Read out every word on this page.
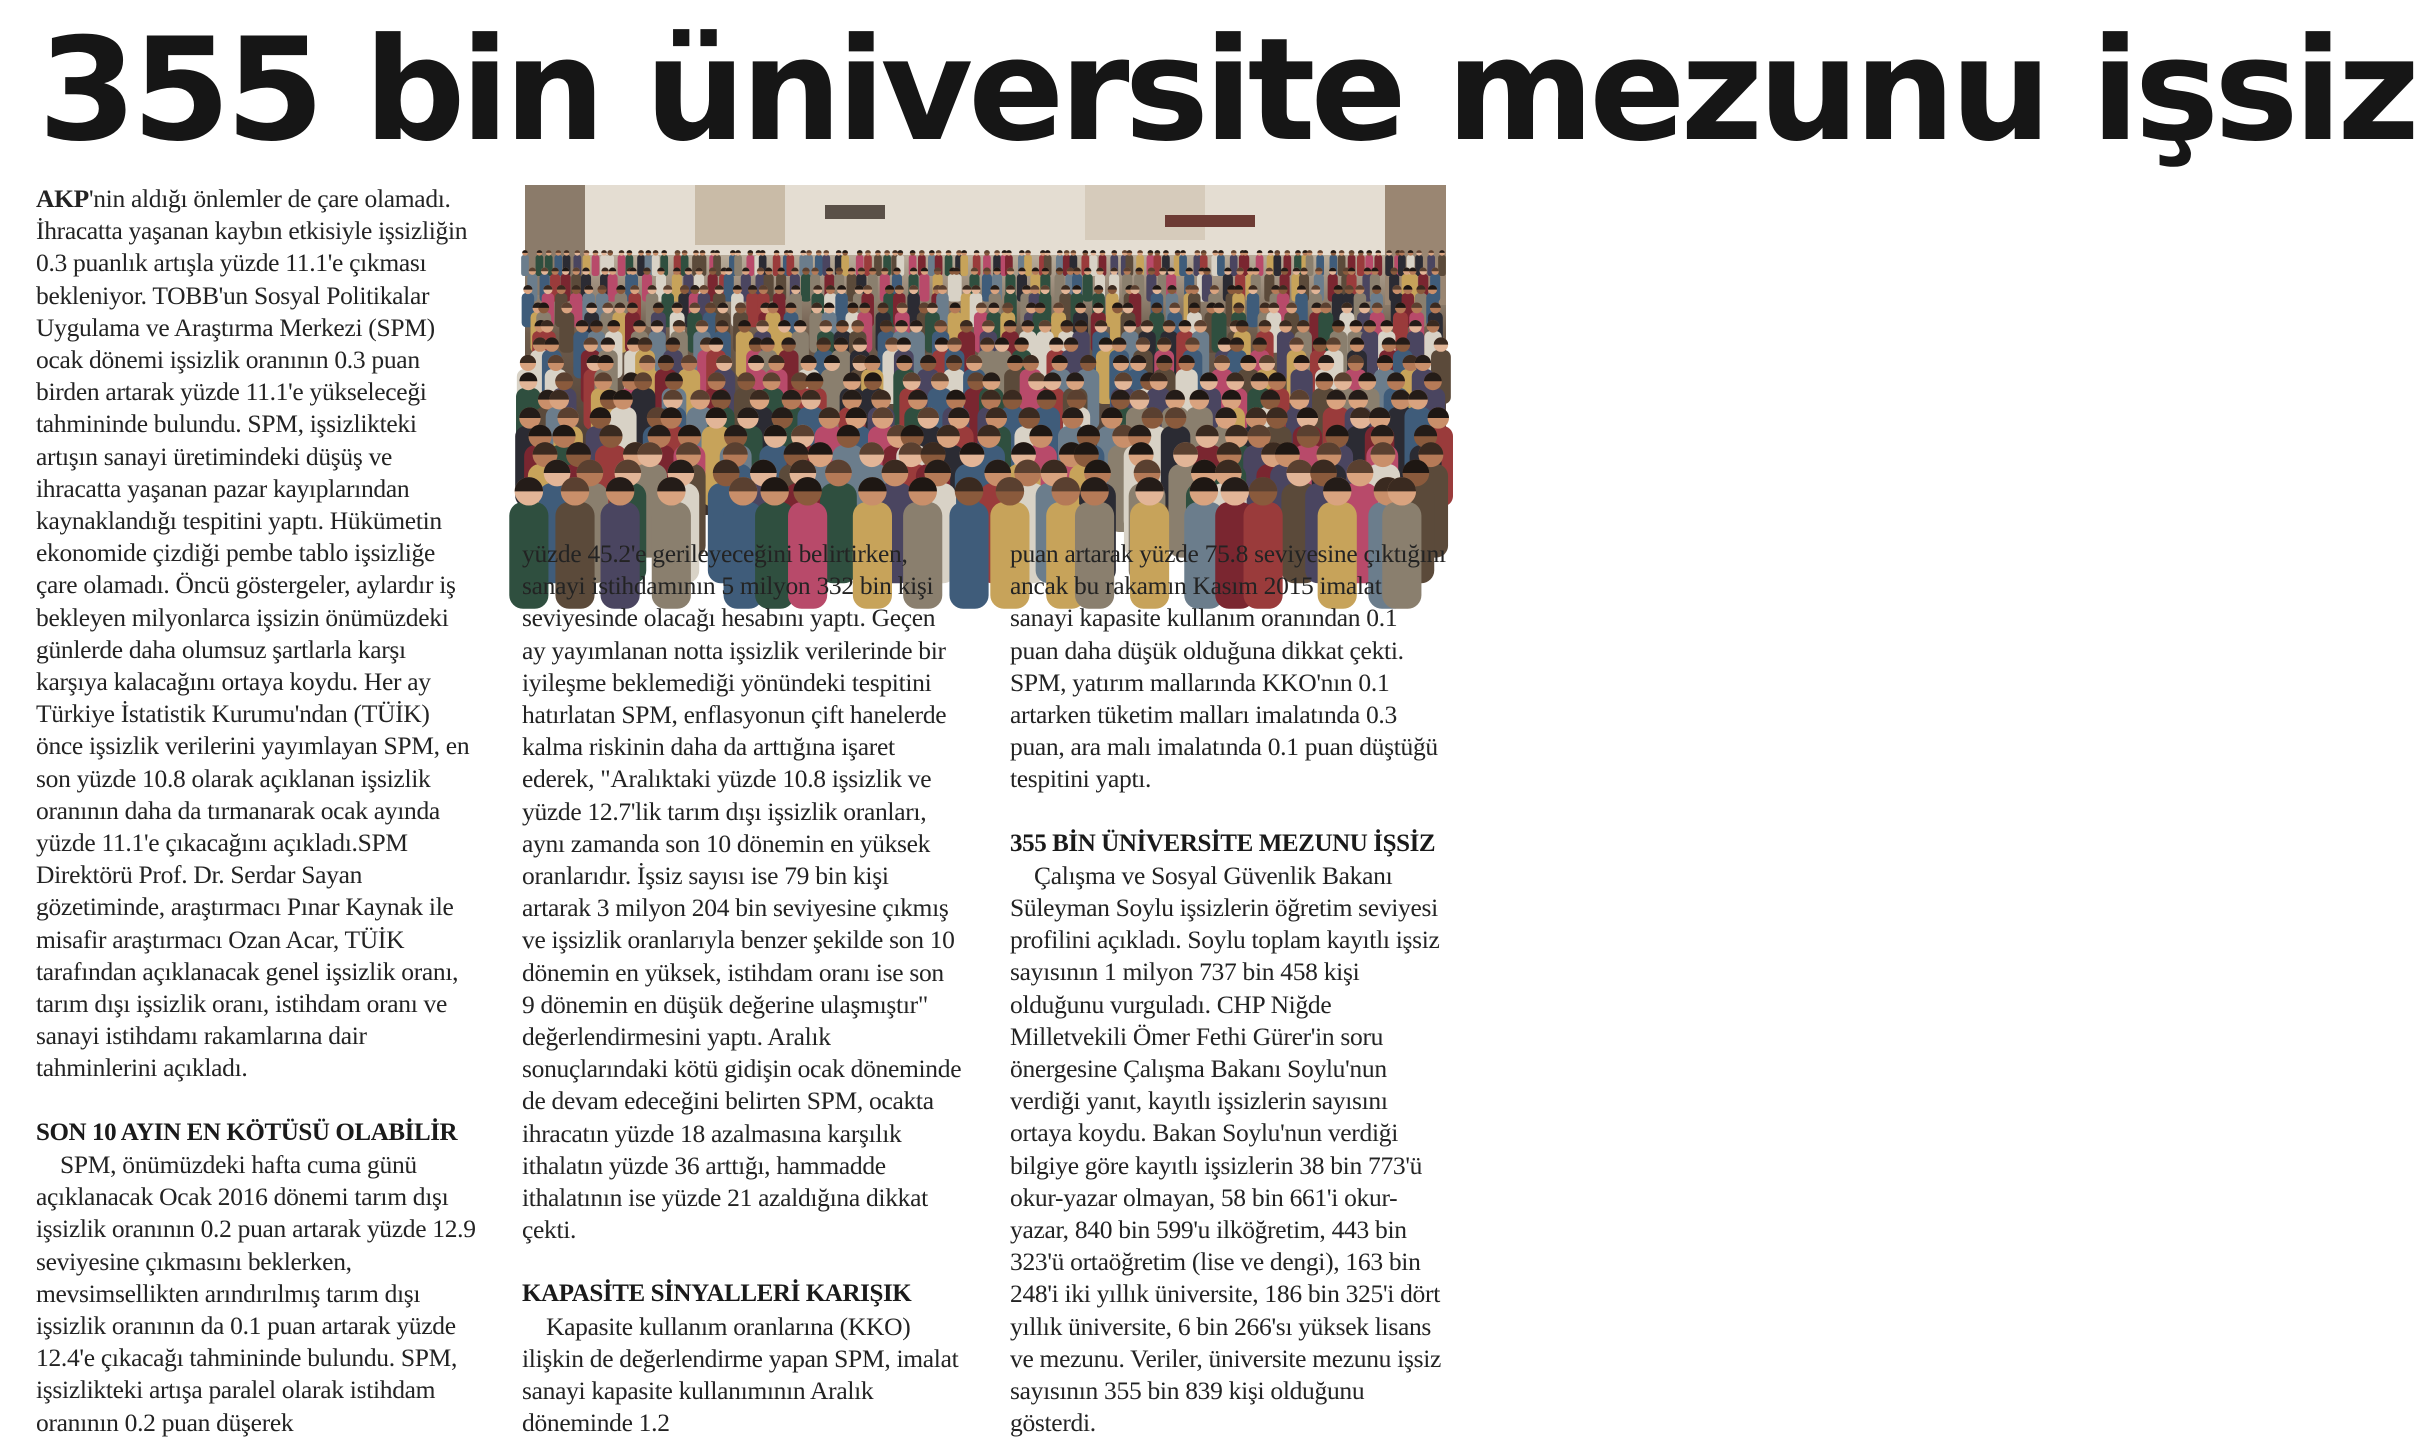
355 bin üniversite mezunu işsiz

AKP'nin aldığı önlemler de çare olamadı. İhracatta yaşanan kaybın etkisiyle işsizliğin 0.3 puanlık artışla yüzde 11.1'e çıkması bekleniyor. TOBB'un Sosyal Politikalar Uygulama ve Araştırma Merkezi (SPM) ocak dönemi işsizlik oranının 0.3 puan birden artarak yüzde 11.1'e yükseleceği tahmininde bulundu. SPM, işsizlikteki artışın sanayi üretimindeki düşüş ve ihracatta yaşanan pazar kayıplarından kaynaklandığı tespitini yaptı. Hükümetin ekonomide çizdiği pembe tablo işsizliğe çare olamadı. Öncü göstergeler, aylardır iş bekleyen milyonlarca işsizin önümüzdeki günlerde daha olumsuz şartlarla karşı karşıya kalacağını ortaya koydu. Her ay Türkiye İstatistik Kurumu'ndan (TÜİK) önce işsizlik verilerini yayımlayan SPM, en son yüzde 10.8 olarak açıklanan işsizlik oranının daha da tırmanarak ocak ayında yüzde 11.1'e çıkacağını açıkladı.SPM Direktörü Prof. Dr. Serdar Sayan gözetiminde, araştırmacı Pınar Kaynak ile misafir araştırmacı Ozan Acar, TÜİK tarafından açıklanacak genel işsizlik oranı, tarım dışı işsizlik oranı, istihdam oranı ve sanayi istihdamı rakamlarına dair tahminlerini açıkladı.

SON 10 AYIN EN KÖTÜSÜ OLABİLİR

SPM, önümüzdeki hafta cuma günü açıklanacak Ocak 2016 dönemi tarım dışı işsizlik oranının 0.2 puan artarak yüzde 12.9 seviyesine çıkmasını beklerken, mevsimsellikten arındırılmış tarım dışı işsizlik oranının da 0.1 puan artarak yüzde 12.4'e çıkacağı tahmininde bulundu. SPM, işsizlikteki artışa paralel olarak istihdam oranının 0.2 puan düşerek

yüzde 45.2'e gerileyeceğini belirtirken, sanayi istihdamının 5 milyon 332 bin kişi seviyesinde olacağı hesabını yaptı. Geçen ay yayımlanan notta işsizlik verilerinde bir iyileşme beklemediği yönündeki tespitini hatırlatan SPM, enflasyonun çift hanelerde kalma riskinin daha da arttığına işaret ederek, "Aralıktaki yüzde 10.8 işsizlik ve yüzde 12.7'lik tarım dışı işsizlik oranları, aynı zamanda son 10 dönemin en yüksek oranlarıdır. İşsiz sayısı ise 79 bin kişi artarak 3 milyon 204 bin seviyesine çıkmış ve işsizlik oranlarıyla benzer şekilde son 10 dönemin en yüksek, istihdam oranı ise son 9 dönemin en düşük değerine ulaşmıştır" değerlendirmesini yaptı. Aralık sonuçlarındaki kötü gidişin ocak döneminde de devam edeceğini belirten SPM, ocakta ihracatın yüzde 18 azalmasına karşılık ithalatın yüzde 36 arttığı, hammadde ithalatının ise yüzde 21 azaldığına dikkat çekti.

KAPASİTE SİNYALLERİ KARIŞIK

Kapasite kullanım oranlarına (KKO) ilişkin de değerlendirme yapan SPM, imalat sanayi kapasite kullanımının Aralık döneminde 1.2

puan artarak yüzde 75.8 seviyesine çıktığını ancak bu rakamın Kasım 2015 imalat sanayi kapasite kullanım oranından 0.1 puan daha düşük olduğuna dikkat çekti. SPM, yatırım mallarında KKO'nın 0.1 artarken tüketim malları imalatında 0.3 puan, ara malı imalatında 0.1 puan düştüğü tespitini yaptı.

355 BİN ÜNİVERSİTE MEZUNU İŞSİZ

Çalışma ve Sosyal Güvenlik Bakanı Süleyman Soylu işsizlerin öğretim seviyesi profilini açıkladı. Soylu toplam kayıtlı işsiz sayısının 1 milyon 737 bin 458 kişi olduğunu vurguladı. CHP Niğde Milletvekili Ömer Fethi Gürer'in soru önergesine Çalışma Bakanı Soylu'nun verdiği yanıt, kayıtlı işsizlerin sayısını ortaya koydu. Bakan Soylu'nun verdiği bilgiye göre kayıtlı işsizlerin 38 bin 773'ü okur-yazar olmayan, 58 bin 661'i okur-yazar, 840 bin 599'u ilköğretim, 443 bin 323'ü ortaöğretim (lise ve dengi), 163 bin 248'i iki yıllık üniversite, 186 bin 325'i dört yıllık üniversite, 6 bin 266'sı yüksek lisans ve mezunu. Veriler, üniversite mezunu işsiz sayısının 355 bin 839 kişi olduğunu gösterdi.
